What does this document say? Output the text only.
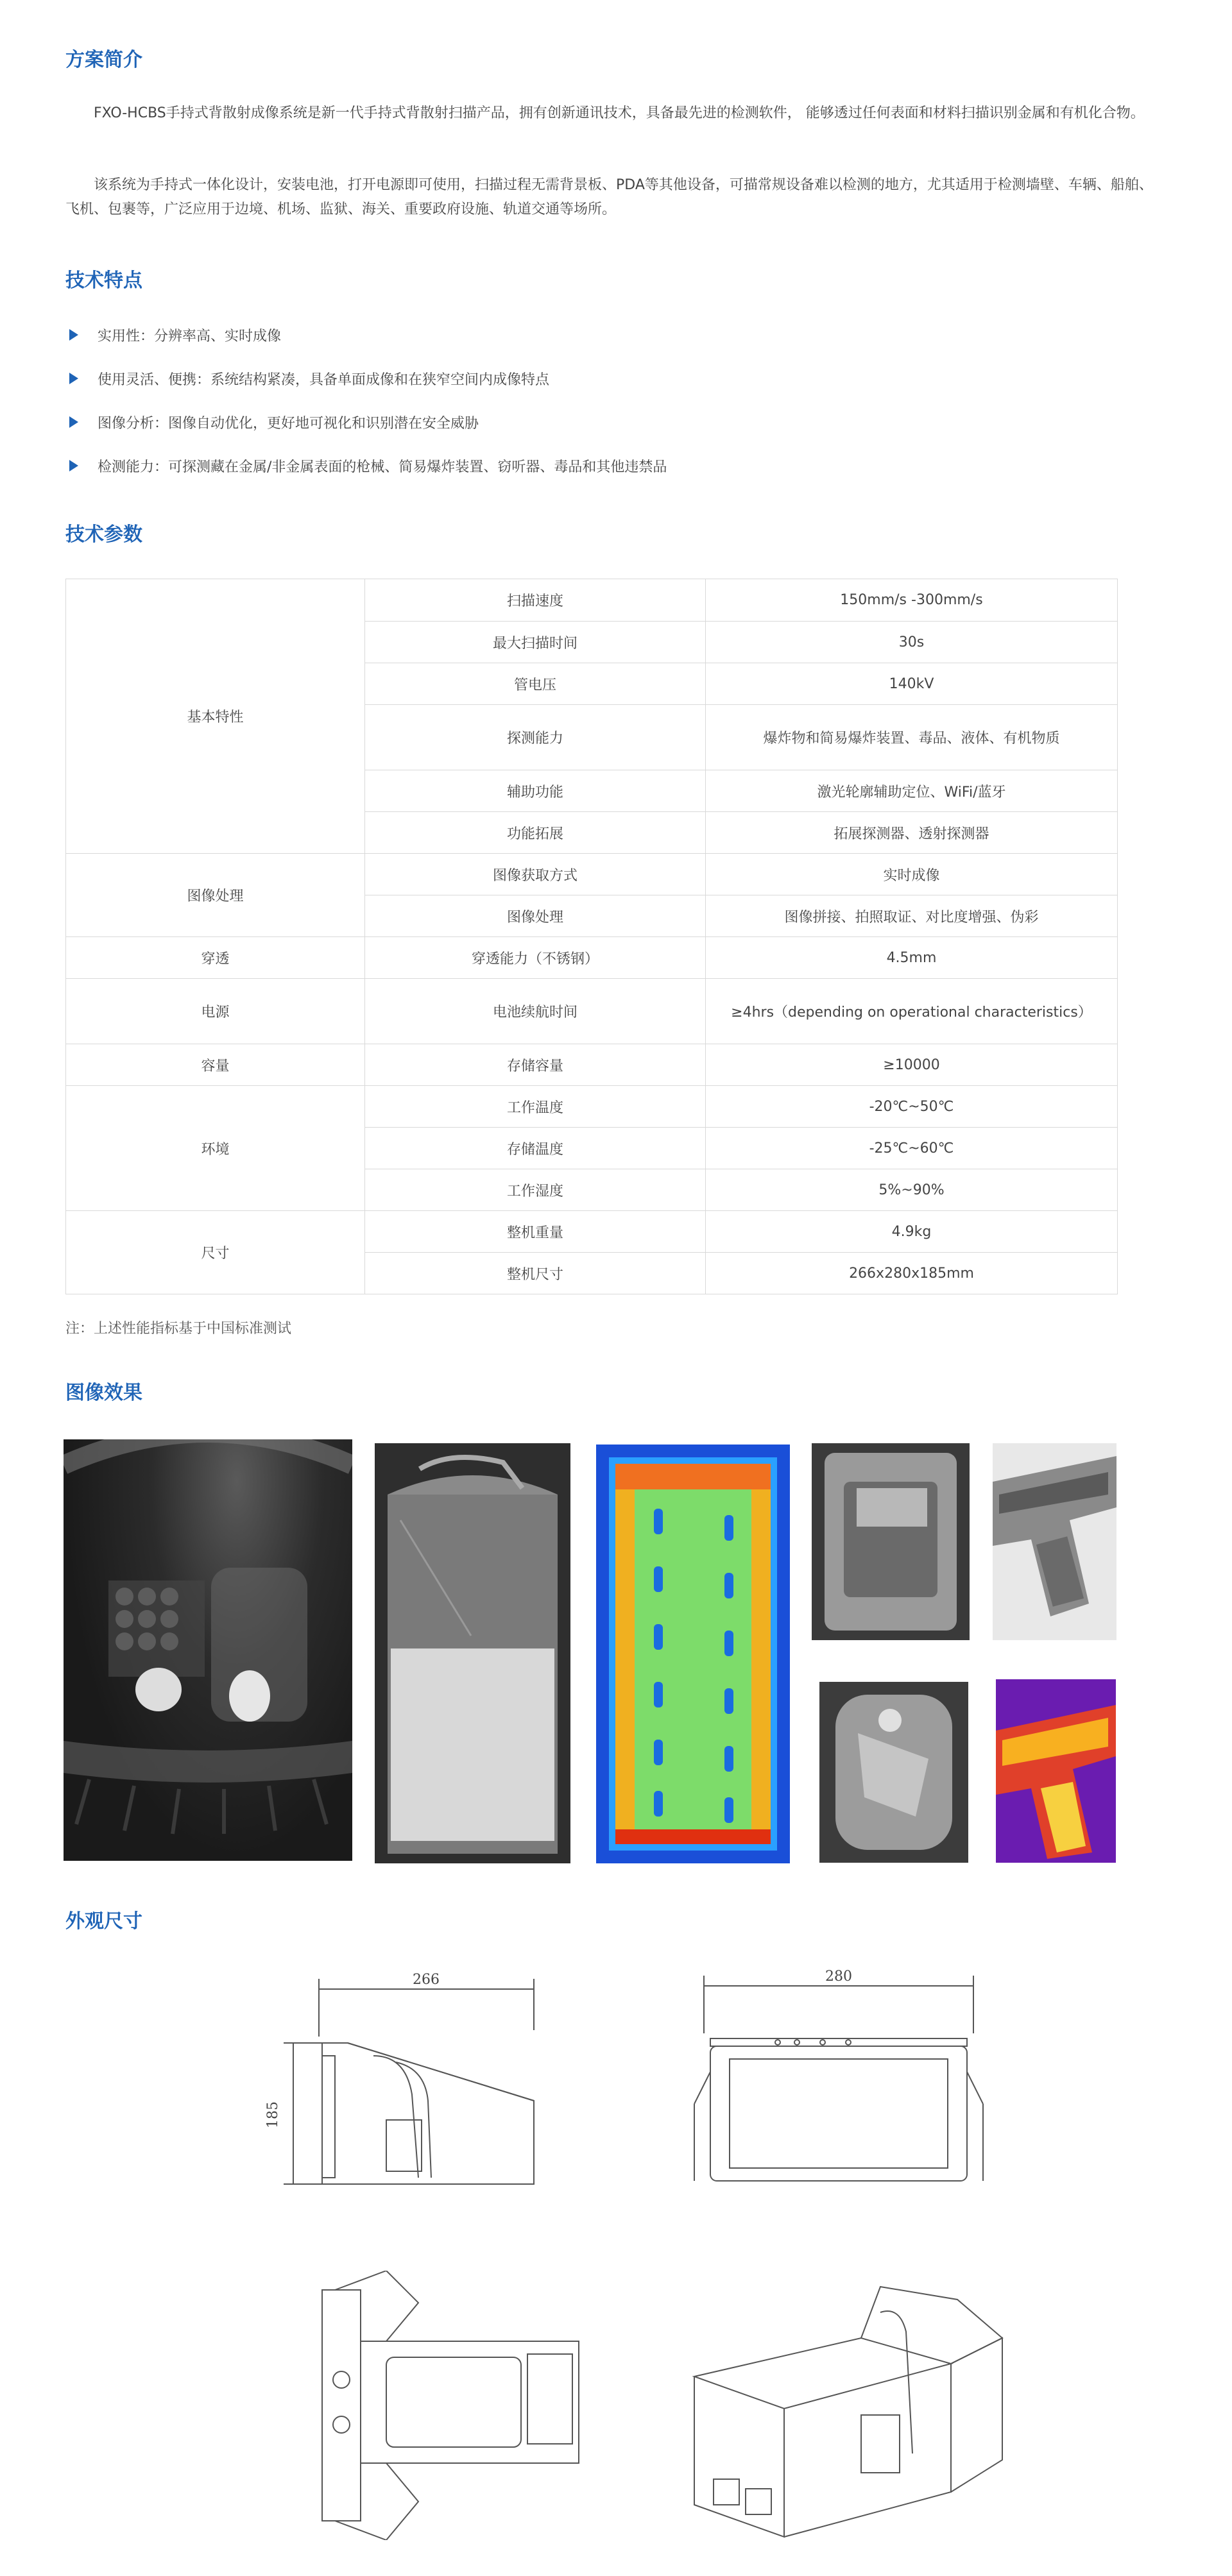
方案简介

FXO-HCBS手持式背散射成像系统是新一代手持式背散射扫描产品，拥有创新通讯技术，具备最先进的检测软件， 能够透过任何表面和材料扫描识别金属和有机化合物。

该系统为手持式一体化设计，安装电池，打开电源即可使用，扫描过程无需背景板、PDA等其他设备，可描常规设备难以检测的地方，尤其适用于检测墙壁、车辆、船舶、飞机、包裹等，广泛应用于边境、机场、监狱、海关、重要政府设施、轨道交通等场所。

技术特点
实用性：分辨率高、实时成像
使用灵活、便携：系统结构紧凑，具备单面成像和在狭窄空间内成像特点
图像分析：图像自动优化，更好地可视化和识别潜在安全威胁
检测能力：可探测藏在金属/非金属表面的枪械、简易爆炸装置、窃听器、毒品和其他违禁品
技术参数
基本特性	扫描速度	150mm/s -300mm/s
	最大扫描时间	30s
	管电压	140kV
	探测能力	爆炸物和简易爆炸装置、毒品、液体、有机物质
	辅助功能	激光轮廓辅助定位、WiFi/蓝牙
	功能拓展	拓展探测器、透射探测器
图像处理	图像获取方式	实时成像
	图像处理	图像拼接、拍照取证、对比度增强、伪彩
穿透	穿透能力（不锈钢）	4.5mm
电源	电池续航时间	≥4hrs（depending on operational characteristics）
容量	存储容量	≥10000
环境	工作温度	-20℃~50℃
	存储温度	-25℃~60℃
	工作湿度	5%~90%
尺寸	整机重量	4.9kg
	整机尺寸	266x280x185mm

注：上述性能指标基于中国标准测试

图像效果
外观尺寸
266
185
280
